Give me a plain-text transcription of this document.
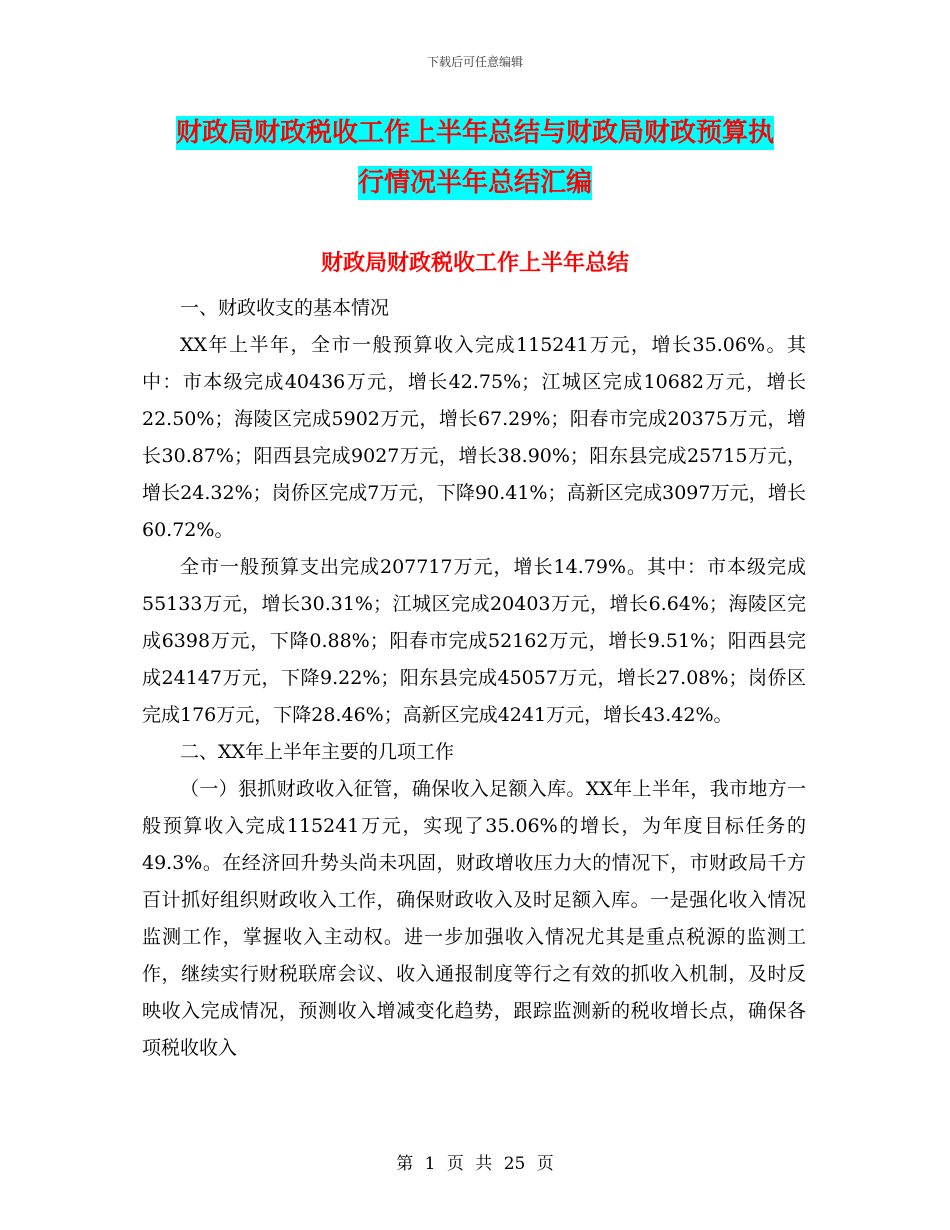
下载后可任意编辑
财政局财政税收工作上半年总结与财政局财政预算执
行情况半年总结汇编
财政局财政税收工作上半年总结

一、财政收支的基本情况

XX年上半年，全市一般预算收入完成115241万元，增长35.06%。其中：市本级完成40436万元，增长42.75%；江城区完成10682万元，增长22.50%；海陵区完成5902万元，增长67.29%；阳春市完成20375万元，增长30.87%；阳西县完成9027万元，增长38.90%；阳东县完成25715万元，增长24.32%；岗侨区完成7万元，下降90.41%；高新区完成3097万元，增长60.72%。

全市一般预算支出完成207717万元，增长14.79%。其中：市本级完成55133万元，增长30.31%；江城区完成20403万元，增长6.64%；海陵区完成6398万元，下降0.88%；阳春市完成52162万元，增长9.51%；阳西县完成24147万元，下降9.22%；阳东县完成45057万元，增长27.08%；岗侨区完成176万元，下降28.46%；高新区完成4241万元，增长43.42%。

二、XX年上半年主要的几项工作

（一）狠抓财政收入征管，确保收入足额入库。XX年上半年，我市地方一般预算收入完成115241万元，实现了35.06%的增长，为年度目标任务的49.3%。在经济回升势头尚未巩固，财政增收压力大的情况下，市财政局千方百计抓好组织财政收入工作，确保财政收入及时足额入库。一是强化收入情况监测工作，掌握收入主动权。进一步加强收入情况尤其是重点税源的监测工作，继续实行财税联席会议、收入通报制度等行之有效的抓收入机制，及时反映收入完成情况，预测收入增减变化趋势，跟踪监测新的税收增长点，确保各项税收收入

第 1 页 共 25 页
